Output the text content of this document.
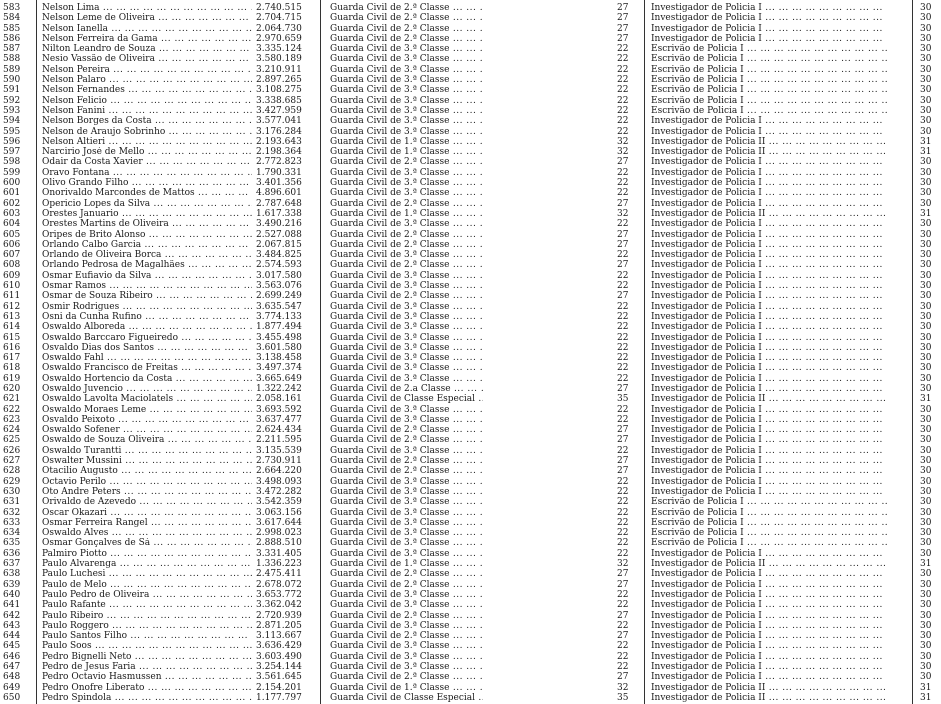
583	Nelson Lima ... .	2.740.515	Guarda Civil de 2.ª Classe ... .	27	Investigador de Policia I ... .	30
584	Nelson Leme de Oliveira ... .	2.704.715	Guarda Civil de 2.ª Classe ... .	27	Investigador de Policia I ... .	30
585	Nelson Ianella ... .	2.064.730	Guarda Civil de 2.ª Classe ... .	27	Investigador de Policia I ... .	30
586	Nelson Ferreira da Gama ... .	2.970.659	Guarda Civil de 2.ª Classe ... .	27	Investigador de Policia I ... .	30
587	Nilton Leandro de Souza ... .	3.335.124	Guarda Civil de 3.ª Classe ... .	22	Escrivão de Policia I ... .	30
588	Nesio Vassão de Oliveira ... .	3.580.189	Guarda Civil de 3.ª Classe ... .	22	Escrivão de Policia I ... .	30
589	Nelson Pereira ... .	3.210.911	Guarda Civil de 3.ª Classe ... .	22	Escrivão de Policia I ... .	30
590	Nelson Palaro ... .	2.897.265	Guarda Civil de 3.ª Classe ... .	22	Escrivão de Policia I ... .	30
591	Nelson Fernandes ... .	3.108.275	Guarda Civil de 3.ª Classe ... .	22	Escrivão de Policia I ... .	30
592	Nelson Felicio ... .	3.338.685	Guarda Civil de 3.ª Classe ... .	22	Escrivão de Policia I ... .	30
593	Nelson Fanini ... .	3.427.959	Guarda Civil de 3.ª Classe ... .	22	Escrivão de Policia I ... .	30
594	Nelson Borges da Costa ... .	3.577.041	Guarda Civil de 3.ª Classe ... .	22	Investigador de Policia I ... .	30
595	Nelson de Araujo Sobrinho ... .	3.176.284	Guarda Civil de 3.ª Classe ... .	22	Investigador de Policia I ... .	30
596	Nelson Altieri ... .	2.193.643	Guarda Civil de 1.ª Classe ... .	32	Investigador de Policia II ... .	31
597	Narcirio José de Mello ... .	2.198.364	Guarda Civil de 1.ª Classe ... .	32	Investigador de Policia II ... .	31
598	Odair da Costa Xavier ... .	2.772.823	Guarda Civil de 2.ª Classe ... .	27	Investigador de Policia I ... .	30
599	Oravo Fontana ... .	1.790.331	Guarda Civil de 3.ª Classe ... .	22	Investigador de Policia I ... .	30
600	Olivo Grando Filho ... .	3.401.356	Guarda Civil de 3.ª Classe ... .	22	Investigador de Policia I ... .	30
601	Onorivaldo Marcondes de Mattos ... .	4.896.601	Guarda Civil de 3.ª Classe ... .	22	Investigador de Policia I ... .	30
602	Opericio Lopes da Silva ... .	2.787.648	Guarda Civil de 2.ª Classe ... .	27	Investigador de Policia I ... .	30
603	Orestes Januario ... .	1.617.338	Guarda Civil de 1.ª Classe ... .	32	Investigador de Policia II ... .	31
604	Orestes Martins de Oliveira ... .	3.490.216	Guarda Civil de 3.ª Classe ... .	22	Investigador de Policia I ... .	30
605	Oripes de Brito Alonso ... .	2.527.088	Guarda Civil de 2.ª Classe ... .	27	Investigador de Policia I ... .	30
606	Orlando Calbo Garcia ... .	2.067.815	Guarda Civil de 2.ª Classe ... .	27	Investigador de Policia I ... .	30
607	Orlando de Oliveira Borca ... .	3.484.825	Guarda Civil de 3.ª Classe ... .	22	Investigador de Policia I ... .	30
608	Orlando Pedrosa de Magalhães ... .	2.574.593	Guarda Civil de 2.ª Classe ... .	27	Investigador de Policia I ... .	30
609	Osmar Eufiavio da Silva ... .	3.017.580	Guarda Civil de 3.ª Classe ... .	22	Investigador de Policia I ... .	30
610	Osmar Ramos ... .	3.563.076	Guarda Civil de 3.ª Classe ... .	22	Investigador de Policia I ... .	30
611	Osmar de Souza Ribeiro ... .	2.699.249	Guarda Civil de 2.ª Classe ... .	27	Investigador de Policia I ... .	30
612	Osmir Rodrigues ... .	3.635.547	Guarda Civil de 3.ª Classe ... .	22	Investigador de Policia I ... .	30
613	Osni da Cunha Rufino ... .	3.774.133	Guarda Civil de 3.ª Classe ... .	22	Investigador de Policia I ... .	30
614	Oswaldo Alboreda ... .	1.877.494	Guarda Civil de 3.ª Classe ... .	22	Investigador de Policia I ... .	30
615	Oswaldo Barccaro Figueiredo ... .	3.455.498	Guarda Civil de 3.ª Classe ... .	22	Investigador de Policia I ... .	30
616	Osvaldo Dias dos Santos ... .	3.601.580	Guarda Civil de 3.ª Classe ... .	22	Investigador de Policia I ... .	30
617	Oswaldo Fahl ... .	3.138.458	Guarda Civil de 3.ª Classe ... .	22	Investigador de Policia I ... .	30
618	Oswaldo Francisco de Freitas ... .	3.497.374	Guarda Civil de 3.ª Classe ... .	22	Investigador de Policia I ... .	30
619	Oswaldo Hortencio da Costa ... .	3.665.649	Guarda Civil de 3.ª Classe ... .	22	Investigador de Policia I ... .	30
620	Oswaldo Juvencio ... .	1.322.242	Guarda Civil de 2.a Classe ... .	27	Investigador de Policia I ... .	30
621	Oswaldo Lavolta Maciolatels ... .	2.058.161	Guarda Civil de Classe Especial ... .	35	Investigador de Policia II ... .	31
622	Oswaldo Moraes Leme ... .	3.693.592	Guarda Civil de 3.ª Classe ... .	22	Investigador de Policia I ... .	30
623	Osvaldo Peixoto ... .	3.637.477	Guarda Civil de 3.ª Classe ... .	22	Investigador de Policia I ... .	30
624	Oswaldo Sofener ... .	2.624.434	Guarda Civil de 2.ª Classe ... .	27	Investigador de Policia I ... .	30
625	Oswaldo de Souza Oliveira ... .	2.211.595	Guarda Civil de 2.ª Classe ... .	27	Investigador de Policia I ... .	30
626	Oswaldo Turantti ... .	3.135.539	Guarda Civil de 3.ª Classe ... .	22	Investigador de Policia I ... .	30
627	Oswalter Mussini ... .	2.730.911	Guarda Civil de 2.ª Classe ... .	27	Investigador de Policia I ... .	30
628	Otacilio Augusto ... .	2.664.220	Guarda Civil de 2.ª Classe ... .	27	Investigador de Policia I ... .	30
629	Octavio Perilo ... .	3.498.093	Guarda Civil de 3.ª Classe ... .	22	Investigador de Policia I ... .	30
630	Oto Andre Peters ... .	3.472.282	Guarda Civil de 3.ª Classe ... .	22	Investigador de Policia I ... .	30
631	Orivaldo de Azevedo ... .	3.542.359	Guarda Civil de 3.ª Classe ... .	22	Escrivão de Policia I ... .	30
632	Oscar Okazari ... .	3.063.156	Guarda Civil de 3.ª Classe ... .	22	Escrivão de Policia I ... .	30
633	Osmar Ferreira Rangel ... .	3.617.644	Guarda Civil de 3.ª Classe ... .	22	Escrivão de Policia I ... .	30
634	Oswaldo Alves ... .	2.998.023	Guarda Civil de 3.ª Classe ... .	22	Escrivão de Policia I ... .	30
635	Osmar Gonçalves de Sá ... .	2.888.510	Guarda Civil de 3.ª Classe ... .	22	Escrivão de Policia I ... .	30
636	Palmiro Piotto ... .	3.331.405	Guarda Civil de 3.ª Classe ... .	22	Investigador de Policia I ... .	30
637	Paulo Alvarenga ... .	1.336.223	Guarda Civil de 1.ª Classe ... .	32	Investigador de Policia II ... .	31
638	Paulo Luchesi ... .	2.475.411	Guarda Civil de 2.ª Classe ... .	27	Investigador de Policia I ... .	30
639	Paulo de Melo ... .	2.678.072	Guarda Civil de 2.ª Classe ... .	27	Investigador de Policia I ... .	30
640	Paulo Pedro de Oliveira ... .	3.653.772	Guarda Civil de 3.ª Classe ... .	22	Investigador de Policia I ... .	30
641	Paulo Rafante ... .	3.362.042	Guarda Civil de 3.ª Classe ... .	22	Investigador de Policia I ... .	30
642	Paulo Ribeiro ... .	2.720.939	Guarda Civil de 2.ª Classe ... .	27	Investigador de Policia I ... .	30
643	Paulo Roggero ... .	2.871.205	Guarda Civil de 3.ª Classe ... .	22	Investigador de Policia I ... .	30
644	Paulo Santos Filho ... .	3.113.667	Guarda Civil de 2.ª Classe ... .	27	Investigador de Policia I ... .	30
645	Paulo Soos ... .	3.636.429	Guarda Civil de 3.ª Classe ... .	22	Investigador de Policia I ... .	30
646	Pedro Bignelli Neto ... .	3.603.490	Guarda Civil de 3.ª Classe ... .	22	Investigador de Policia I ... .	30
647	Pedro de Jesus Faria ... .	3.254.144	Guarda Civil de 3.ª Classe ... .	22	Investigador de Policia I ... .	30
648	Pedro Octavio Hasmussen ... .	3.561.645	Guarda Civil de 2.ª Classe ... .	27	Investigador de Policia I ... .	30
649	Pedro Onofre Liberato ... .	2.154.201	Guarda Civil de 1.ª Classe ... .	32	Investigador de Policia II ... .	31
650	Pedro Spindola ... .	1.177.797	Guarda Civil de Classe Especial ... .	35	Investigador de Policia II ... .	31
